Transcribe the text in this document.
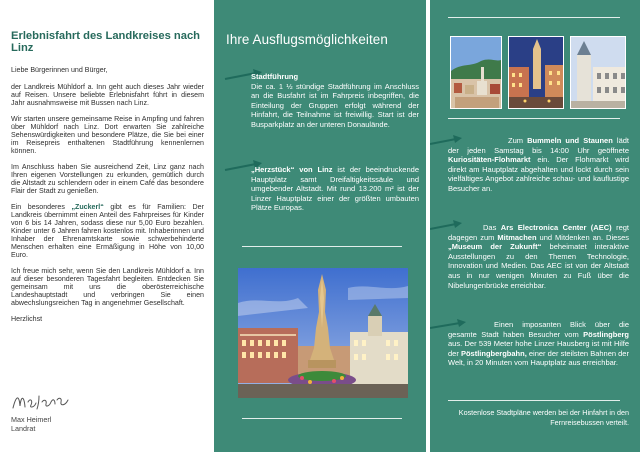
Erlebnisfahrt des Landkreises nach Linz

Liebe Bürgerinnen und Bürger,

der Landkreis Mühldorf a. Inn geht auch dieses Jahr wieder auf Reisen. Unsere beliebte Erlebnisfahrt führt in diesem Jahr ausnahmsweise mit Bussen nach Linz.

Wir starten unsere gemeinsame Reise in Ampfing und fahren über Mühldorf nach Linz. Dort erwarten Sie zahlreiche Sehenswürdigkeiten und besondere Plätze, die Sie bei einer im Reisepreis enthaltenen Stadtführung kennenlernen können.

Im Anschluss haben Sie ausreichend Zeit, Linz ganz nach Ihren eigenen Vorstellungen zu erkunden, gemütlich durch die Altstadt zu schlendern oder in einem Café das besondere Flair der Stadt zu genießen.

Ein besonderes „Zuckerl“ gibt es für Familien: Der Landkreis übernimmt einen Anteil des Fahrpreises für Kinder von 6 bis 14 Jahren, sodass diese nur 5,00 Euro bezahlen. Kinder unter 6 Jahren fahren kostenlos mit. Inhaberinnen und Inhaber der Ehrenamtskarte sowie schwerbehinderte Menschen erhalten eine Ermäßigung in Höhe von 10,00 Euro.

Ich freue mich sehr, wenn Sie den Landkreis Mühldorf a. Inn auf dieser besonderen Tagesfahrt begleiten. Entdecken Sie gemeinsam mit uns die oberösterreichische Landeshauptstadt und verbringen Sie einen abwechslungsreichen Tag in angenehmer Gesellschaft.

Herzlichst

Max Heimerl
Landrat
Ihre Ausflugsmöglichkeiten
Stadtführung
Die ca. 1 ½ stündige Stadtführung im Anschluss an die Busfahrt ist im Fahrpreis inbegriffen, die Einteilung der Gruppen erfolgt während der Hinfahrt, die Teilnahme ist freiwillig. Start ist der Busparkplatz an der unteren Donaulände.
„Herzstück“ von Linz ist der beeindruckende Hauptplatz samt Dreifaltigkeitssäule und umgebender Altstadt. Mit rund 13.200 m² ist der Linzer Hauptplatz einer der größten umbauten Plätze Europas.
Zum Bummeln und Staunen lädt der jeden Samstag bis 14:00 Uhr geöffnete Kuriositäten-Flohmarkt ein. Der Flohmarkt wird direkt am Hauptplatz abgehalten und lockt durch sein vielfältiges Angebot zahlreiche schau- und kauflustige Besucher an.
Das Ars Electronica Center (AEC) regt dagegen zum Mitmachen und Mitdenken an. Dieses „Museum der Zukunft“ beheimatet interaktive Ausstellungen zu den Themen Technologie, Innovation und Medien. Das AEC ist von der Altstadt aus in nur wenigen Minuten zu Fuß über die Nibelungenbrücke erreichbar.
Einen imposanten Blick über die gesamte Stadt haben Besucher vom Pöstlingberg aus. Der 539 Meter hohe Linzer Hausberg ist mit Hilfe der Pöstlingbergbahn, einer der steilsten Bahnen der Welt, in 20 Minuten vom Hauptplatz aus erreichbar.
Kostenlose Stadtpläne werden bei der Hinfahrt in den Fernreisebussen verteilt.
